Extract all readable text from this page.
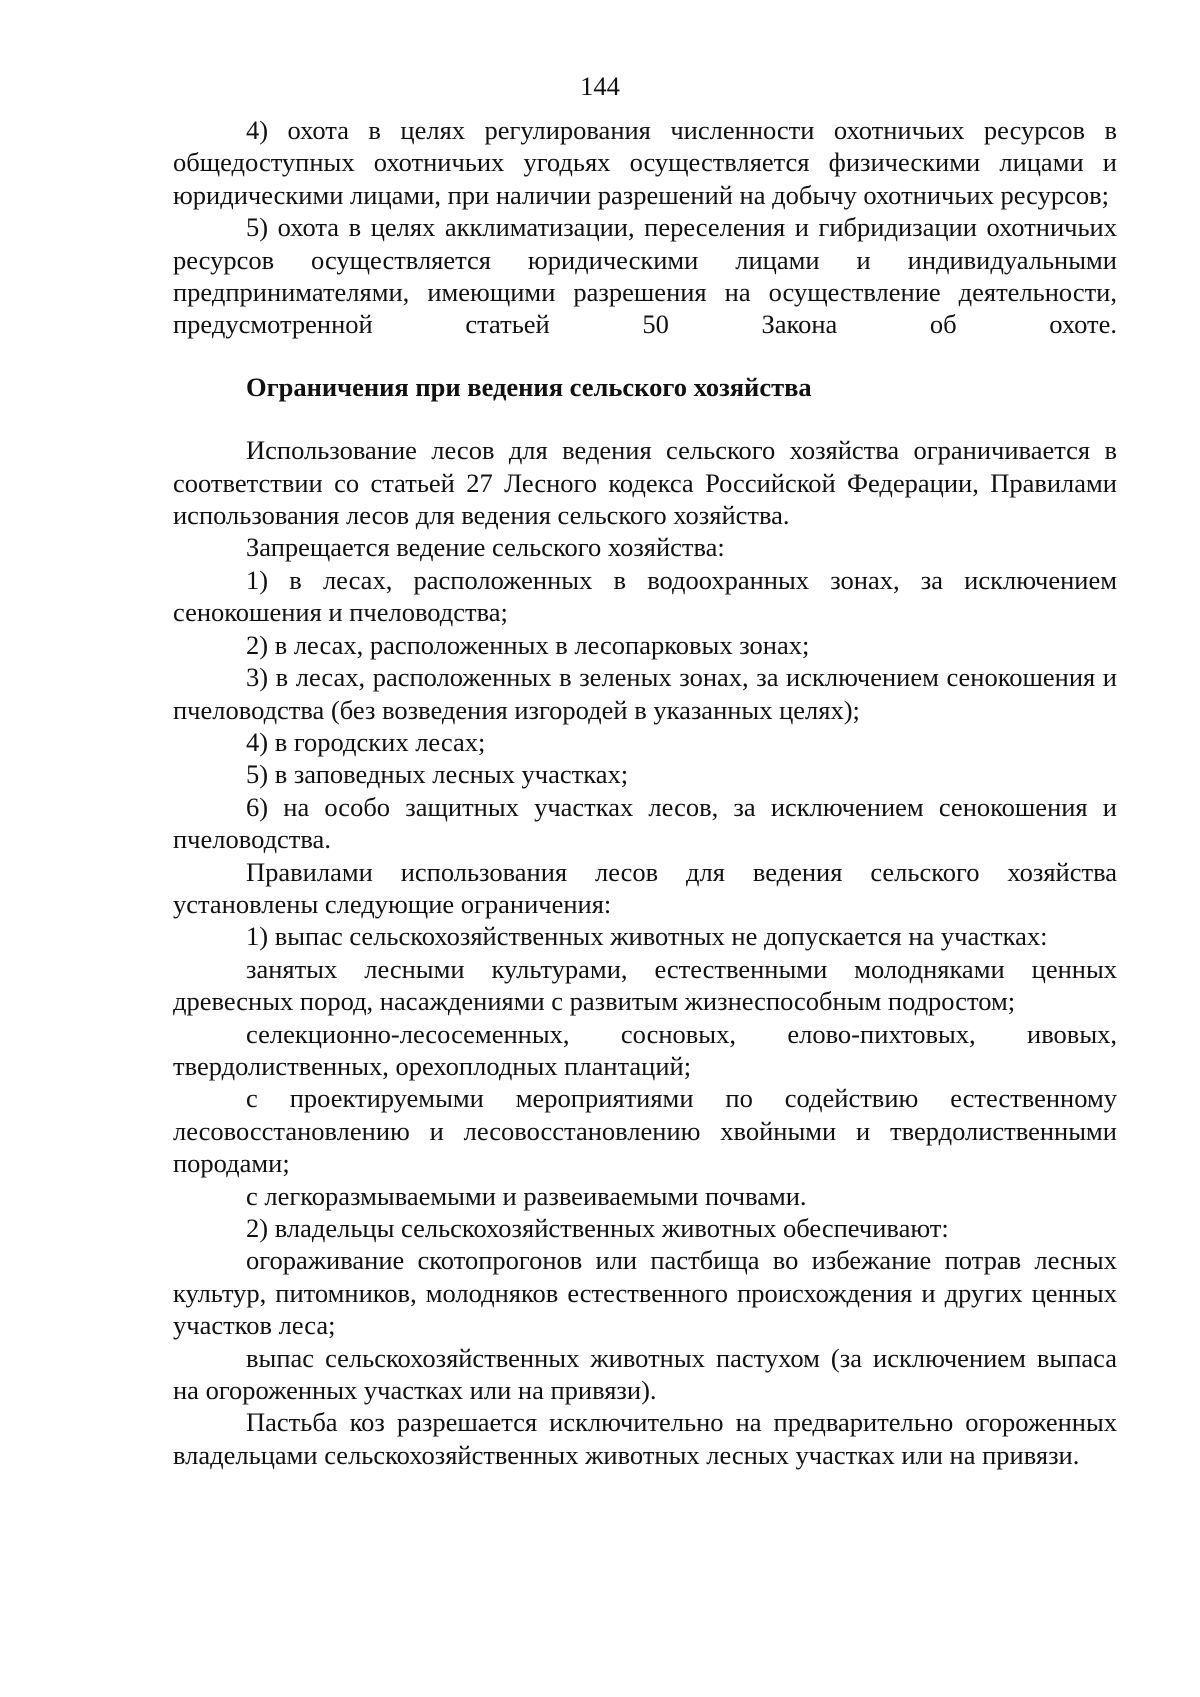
144

4) охота в целях регулирования численности охотничьих ресурсов в общедоступных охотничьих угодьях осуществляется физическими лицами и юридическими лицами, при наличии разрешений на добычу охотничьих ресурсов;

5) охота в целях акклиматизации, переселения и гибридизации охотничьих ресурсов осуществляется юридическими лицами и индивидуальными предпринимателями, имеющими разрешения на осуществление деятельности, предусмотренной статьей 50 Закона об охоте.

Ограничения при ведения сельского хозяйства

Использование лесов для ведения сельского хозяйства ограничивается в соответствии со статьей 27 Лесного кодекса Российской Федерации, Правилами использования лесов для ведения сельского хозяйства.

Запрещается ведение сельского хозяйства:

1) в лесах, расположенных в водоохранных зонах, за исключением сенокошения и пчеловодства;

2) в лесах, расположенных в лесопарковых зонах;

3) в лесах, расположенных в зеленых зонах, за исключением сенокошения и пчеловодства (без возведения изгородей в указанных целях);

4) в городских лесах;

5) в заповедных лесных участках;

6) на особо защитных участках лесов, за исключением сенокошения и пчеловодства.

Правилами использования лесов для ведения сельского хозяйства установлены следующие ограничения:

1) выпас сельскохозяйственных животных не допускается на участках:

занятых лесными культурами, естественными молодняками ценных древесных пород, насаждениями с развитым жизнеспособным подростом;

селекционно-лесосеменных, сосновых, елово-пихтовых, ивовых, твердолиственных, орехоплодных плантаций;

с проектируемыми мероприятиями по содействию естественному лесовосстановлению и лесовосстановлению хвойными и твердолиственными породами;

с легкоразмываемыми и развеиваемыми почвами.

2) владельцы сельскохозяйственных животных обеспечивают:

огораживание скотопрогонов или пастбища во избежание потрав лесных культур, питомников, молодняков естественного происхождения и других ценных участков леса;

выпас сельскохозяйственных животных пастухом (за исключением выпаса на огороженных участках или на привязи).

Пастьба коз разрешается исключительно на предварительно огороженных владельцами сельскохозяйственных животных лесных участках или на привязи.
